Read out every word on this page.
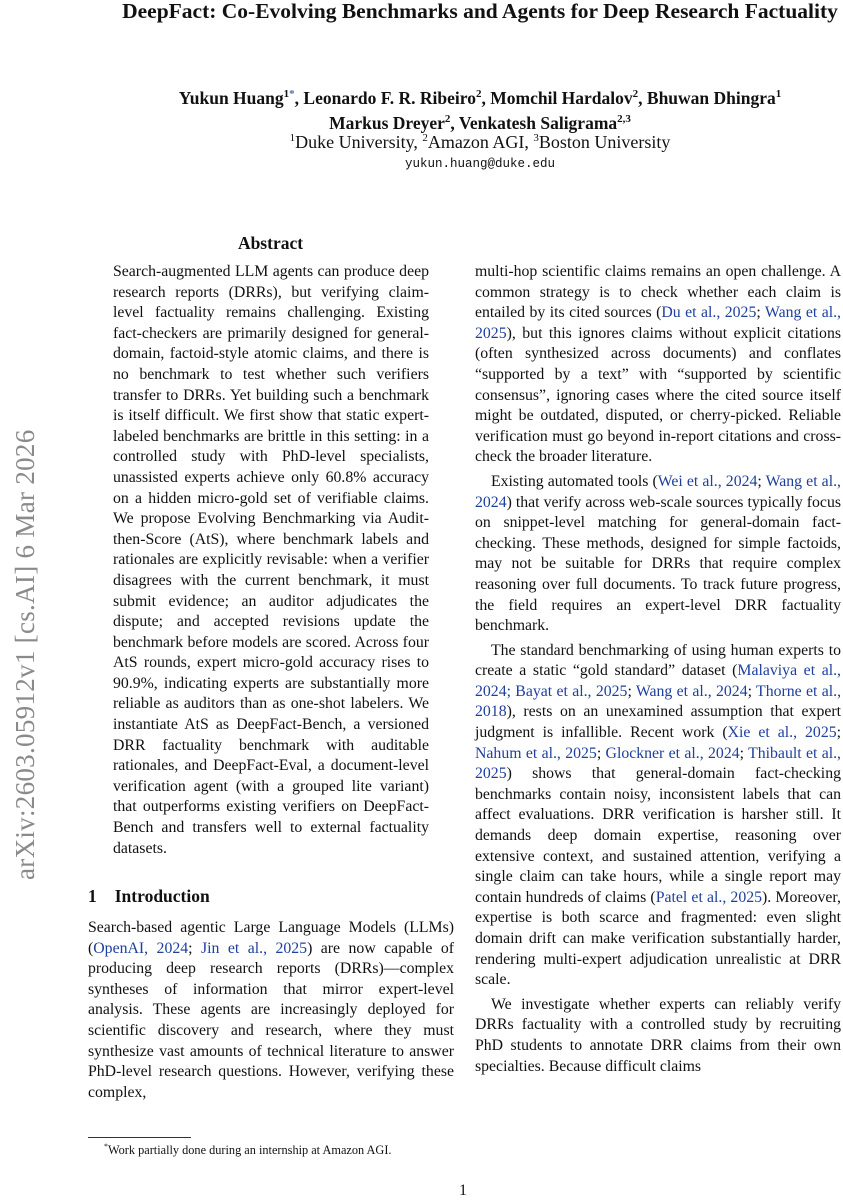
DeepFact: Co-Evolving Benchmarks and Agents for Deep Research Factuality
Yukun Huang$^{1*}$, Leonardo F. R. Ribeiro$^2$, Momchil Hardalov$^2$, Bhuwan Dhingra$^1$
Markus Dreyer$^2$, Venkatesh Saligrama$^{2,3}$
$^1$Duke University, $^2$Amazon AGI, $^3$Boston University
yukun.huang@duke.edu
arXiv:2603.05912v1 [cs.AI] 6 Mar 2026
Abstract
Search-augmented LLM agents can produce deep research reports (DRRs), but verifying claim-level factuality remains challenging. Existing fact-checkers are primarily designed for general-domain, factoid-style atomic claims, and there is no benchmark to test whether such verifiers transfer to DRRs. Yet building such a benchmark is itself difficult. We first show that static expert-labeled benchmarks are brittle in this setting: in a controlled study with PhD-level specialists, unassisted experts achieve only 60.8% accuracy on a hidden micro-gold set of verifiable claims. We propose Evolving Benchmarking via Audit-then-Score (AtS), where benchmark labels and rationales are explicitly revisable: when a verifier disagrees with the current benchmark, it must submit evidence; an auditor adjudicates the dispute; and accepted revisions update the benchmark before models are scored. Across four AtS rounds, expert micro-gold accuracy rises to 90.9%, indicating experts are substantially more reliable as auditors than as one-shot labelers. We instantiate AtS as DeepFact-Bench, a versioned DRR factuality benchmark with auditable rationales, and DeepFact-Eval, a document-level verification agent (with a grouped lite variant) that outperforms existing verifiers on DeepFact-Bench and transfers well to external factuality datasets.
1 Introduction

Search-based agentic Large Language Models (LLMs) (OpenAI, 2024; Jin et al., 2025) are now capable of producing deep research reports (DRRs)—complex syntheses of information that mirror expert-level analysis. These agents are increasingly deployed for scientific discovery and research, where they must synthesize vast amounts of technical literature to answer PhD-level research questions. However, verifying these complex,

multi-hop scientific claims remains an open challenge. A common strategy is to check whether each claim is entailed by its cited sources (Du et al., 2025; Wang et al., 2025), but this ignores claims without explicit citations (often synthesized across documents) and conflates “supported by a text” with “supported by scientific consensus”, ignoring cases where the cited source itself might be outdated, disputed, or cherry-picked. Reliable verification must go beyond in-report citations and cross-check the broader literature.

Existing automated tools (Wei et al., 2024; Wang et al., 2024) that verify across web-scale sources typically focus on snippet-level matching for general-domain fact-checking. These methods, designed for simple factoids, may not be suitable for DRRs that require complex reasoning over full documents. To track future progress, the field requires an expert-level DRR factuality benchmark.

The standard benchmarking of using human experts to create a static “gold standard” dataset (Malaviya et al., 2024; Bayat et al., 2025; Wang et al., 2024; Thorne et al., 2018), rests on an unexamined assumption that expert judgment is infallible. Recent work (Xie et al., 2025; Nahum et al., 2025; Glockner et al., 2024; Thibault et al., 2025) shows that general-domain fact-checking benchmarks contain noisy, inconsistent labels that can affect evaluations. DRR verification is harsher still. It demands deep domain expertise, reasoning over extensive context, and sustained attention, verifying a single claim can take hours, while a single report may contain hundreds of claims (Patel et al., 2025). Moreover, expertise is both scarce and fragmented: even slight domain drift can make verification substantially harder, rendering multi-expert adjudication unrealistic at DRR scale.

We investigate whether experts can reliably verify DRRs factuality with a controlled study by recruiting PhD students to annotate DRR claims from their own specialties. Because difficult claims

*Work partially done during an internship at Amazon AGI.
1
